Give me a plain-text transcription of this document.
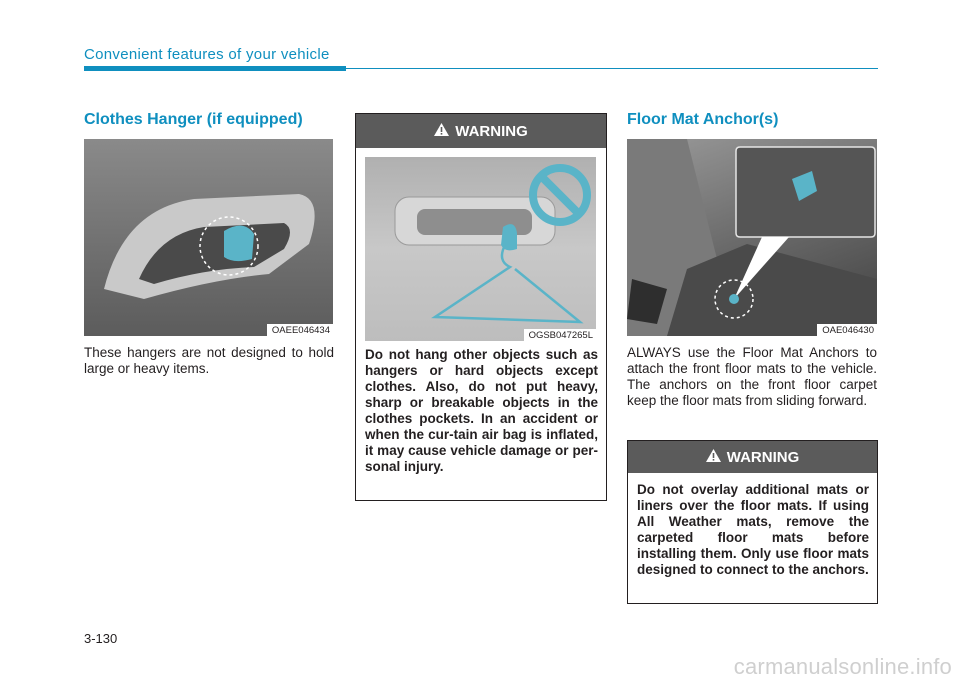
Convenient features of your vehicle
Clothes Hanger (if equipped)
OAEE046434
These hangers are not designed to hold large or heavy items.
WARNING
OGSB047265L
Do not hang other objects such as hangers or hard objects except clothes. Also, do not put heavy, sharp or breakable objects in the clothes pockets. In an accident or when the cur-tain air bag is inflated, it may cause vehicle damage or per-sonal injury.
Floor Mat Anchor(s)
OAE046430
ALWAYS use the Floor Mat Anchors to attach the front floor mats to the vehicle. The anchors on the front floor carpet keep the floor mats from sliding forward.
WARNING
Do not overlay additional mats or liners over the floor mats. If using All Weather mats, remove the carpeted floor mats before installing them. Only use floor mats designed to connect to the anchors.
3-130
carmanualsonline.info
